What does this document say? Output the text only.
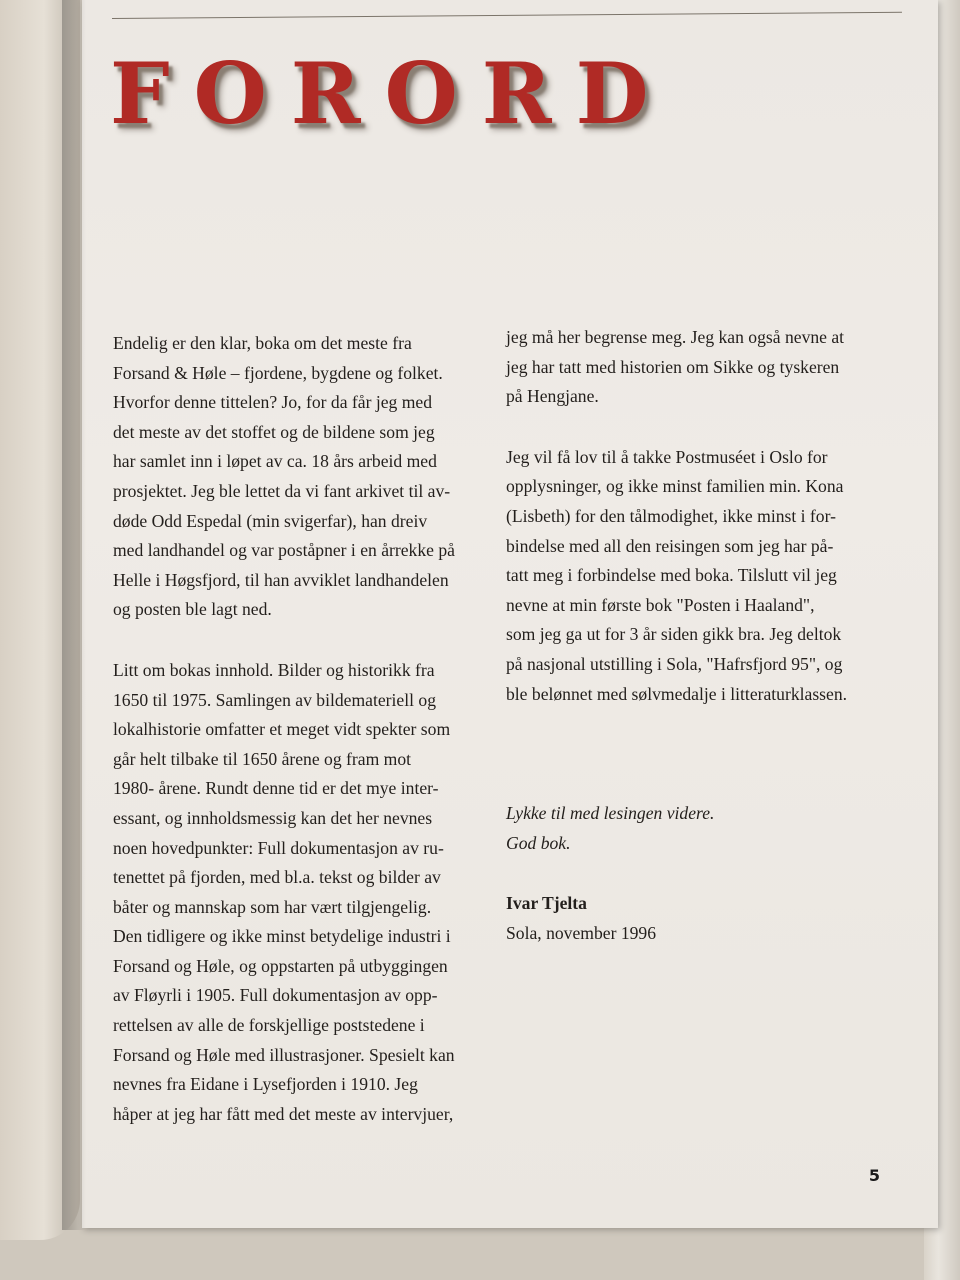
FORORD

Endelig er den klar, boka om det meste fra
Forsand & Høle – fjordene, bygdene og folket.
Hvorfor denne tittelen? Jo, for da får jeg med
det meste av det stoffet og de bildene som jeg
har samlet inn i løpet av ca. 18 års arbeid med
prosjektet. Jeg ble lettet da vi fant arkivet til av-
døde Odd Espedal (min svigerfar), han dreiv
med landhandel og var poståpner i en årrekke på
Helle i Høgsfjord, til han avviklet landhandelen
og posten ble lagt ned.

Litt om bokas innhold. Bilder og historikk fra
1650 til 1975. Samlingen av bildemateriell og
lokalhistorie omfatter et meget vidt spekter som
går helt tilbake til 1650 årene og fram mot
1980- årene. Rundt denne tid er det mye inter-
essant, og innholdsmessig kan det her nevnes
noen hovedpunkter: Full dokumentasjon av ru-
tenettet på fjorden, med bl.a. tekst og bilder av
båter og mannskap som har vært tilgjengelig.
Den tidligere og ikke minst betydelige industri i
Forsand og Høle, og oppstarten på utbyggingen
av Fløyrli i 1905. Full dokumentasjon av opp-
rettelsen av alle de forskjellige poststedene i
Forsand og Høle med illustrasjoner. Spesielt kan
nevnes fra Eidane i Lysefjorden i 1910. Jeg
håper at jeg har fått med det meste av intervjuer,

jeg må her begrense meg. Jeg kan også nevne at
jeg har tatt med historien om Sikke og tyskeren
på Hengjane.

Jeg vil få lov til å takke Postmuséet i Oslo for
opplysninger, og ikke minst familien min. Kona
(Lisbeth) for den tålmodighet, ikke minst i for-
bindelse med all den reisingen som jeg har på-
tatt meg i forbindelse med boka. Tilslutt vil jeg
nevne at min første bok "Posten i Haaland",
som jeg ga ut for 3 år siden gikk bra. Jeg deltok
på nasjonal utstilling i Sola, "Hafrsfjord 95", og
ble belønnet med sølvmedalje i litteraturklassen.

Lykke til med lesingen videre.
God bok.

Ivar Tjelta

Sola, november 1996

5
